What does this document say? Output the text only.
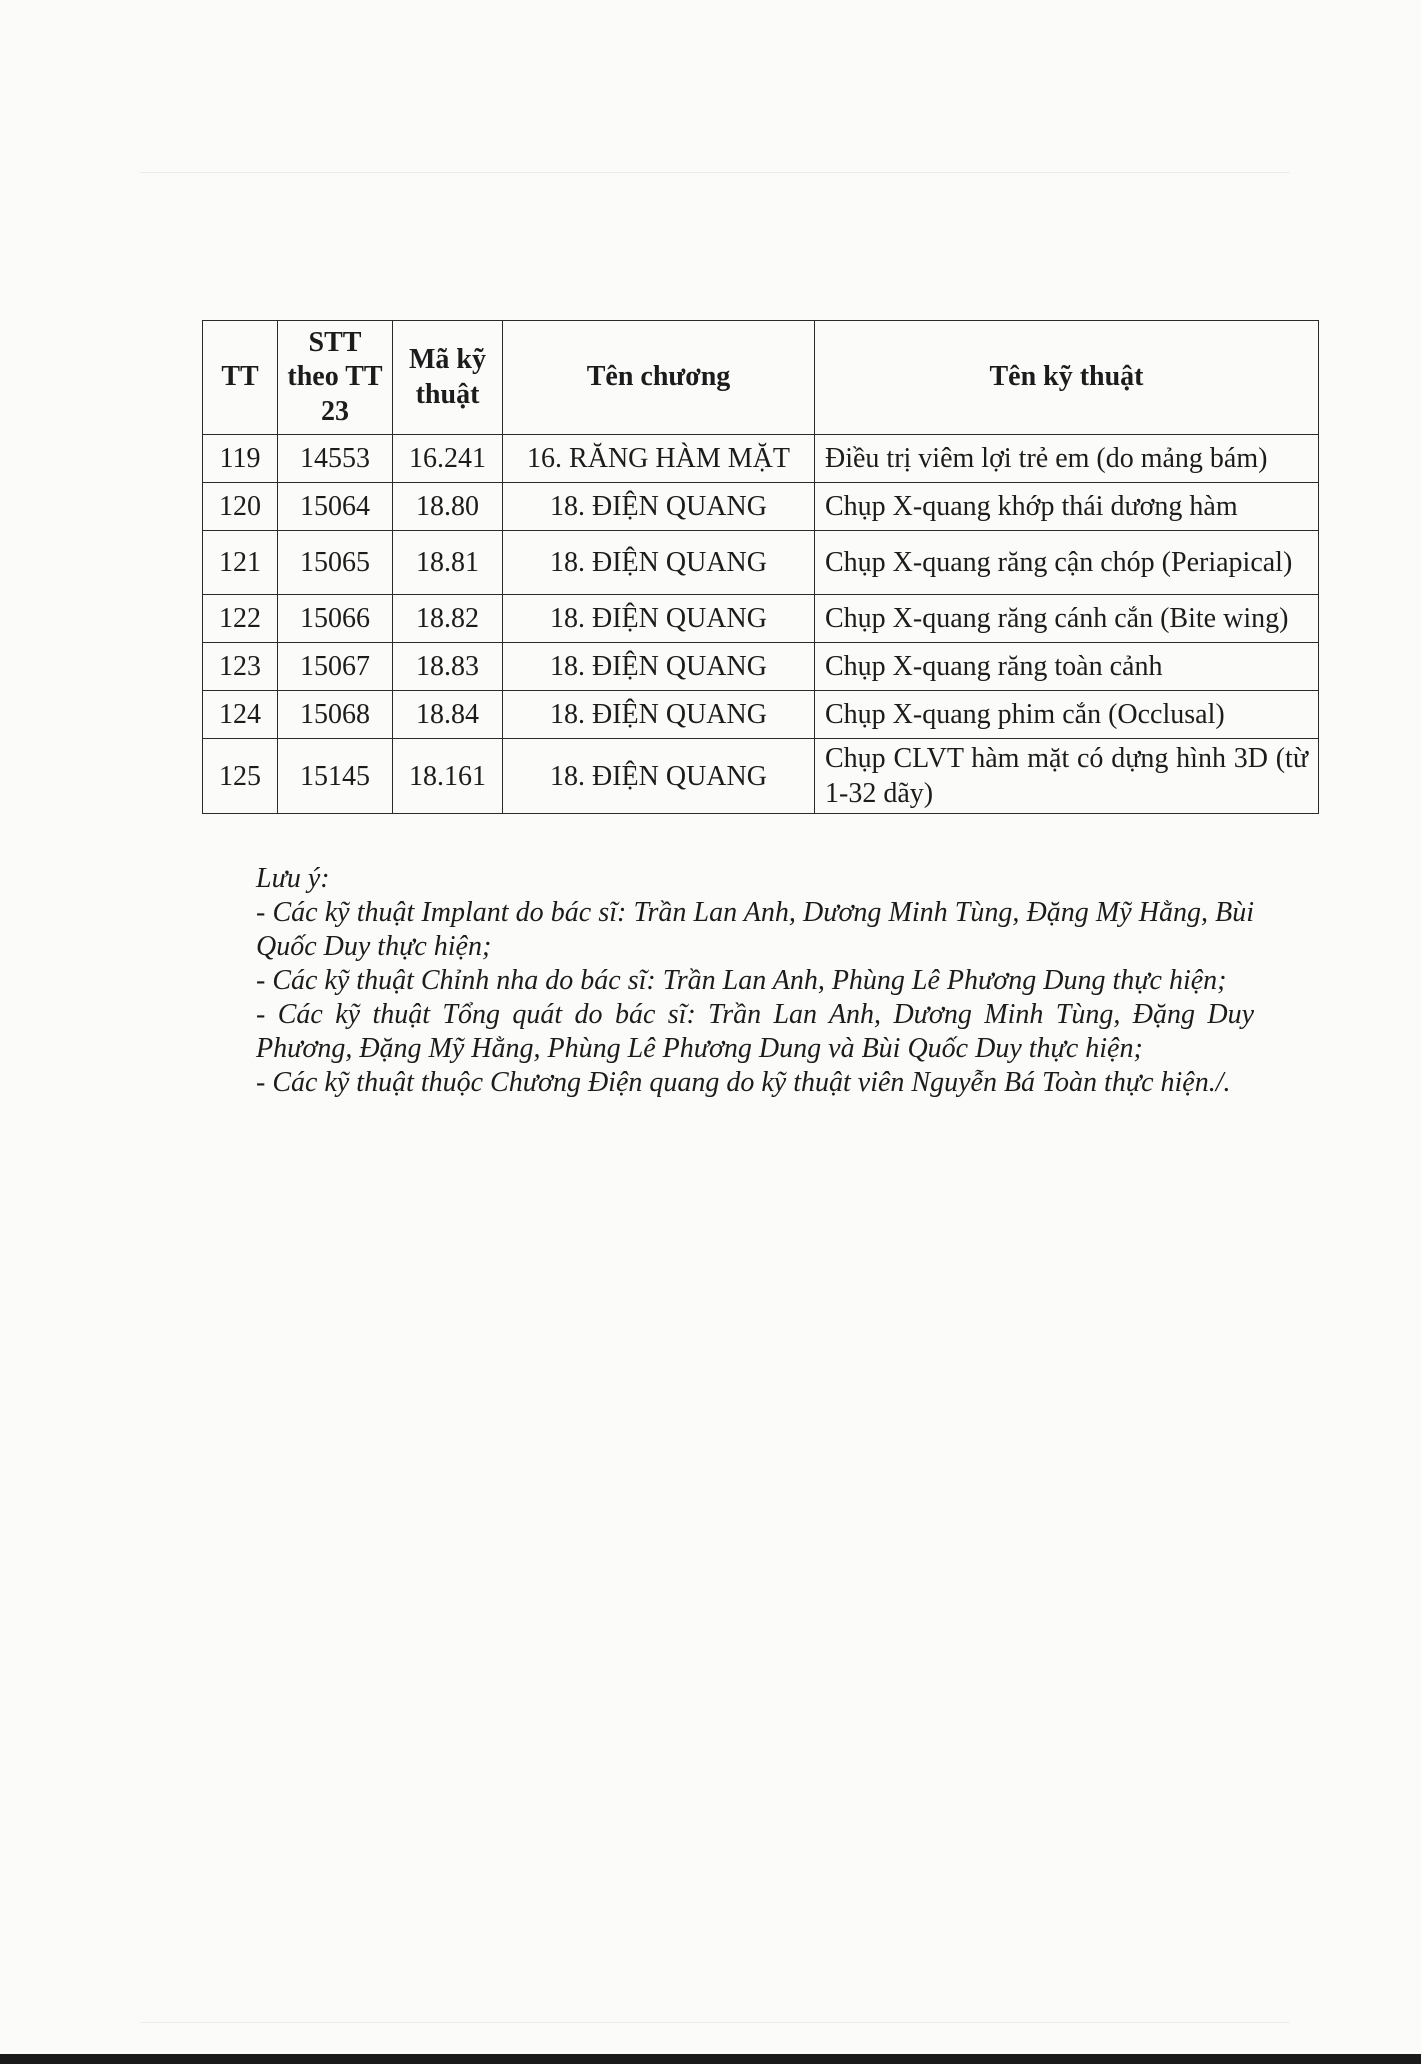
TT	STT theo TT 23	Mã kỹ thuật	Tên chương	Tên kỹ thuật
119	14553	16.241	16. RĂNG HÀM MẶT	Điều trị viêm lợi trẻ em (do mảng bám)
120	15064	18.80	18. ĐIỆN QUANG	Chụp X-quang khớp thái dương hàm
121	15065	18.81	18. ĐIỆN QUANG	Chụp X-quang răng cận chóp (Periapical)
122	15066	18.82	18. ĐIỆN QUANG	Chụp X-quang răng cánh cắn (Bite wing)
123	15067	18.83	18. ĐIỆN QUANG	Chụp X-quang răng toàn cảnh
124	15068	18.84	18. ĐIỆN QUANG	Chụp X-quang phim cắn (Occlusal)
125	15145	18.161	18. ĐIỆN QUANG	Chụp CLVT hàm mặt có dựng hình 3D (từ 1-32 dãy)

Lưu ý:

- Các kỹ thuật Implant do bác sĩ: Trần Lan Anh, Dương Minh Tùng, Đặng Mỹ Hằng, Bùi Quốc Duy thực hiện;

- Các kỹ thuật Chỉnh nha do bác sĩ: Trần Lan Anh, Phùng Lê Phương Dung thực hiện;

- Các kỹ thuật Tổng quát do bác sĩ: Trần Lan Anh, Dương Minh Tùng, Đặng Duy Phương, Đặng Mỹ Hằng, Phùng Lê Phương Dung và Bùi Quốc Duy thực hiện;

- Các kỹ thuật thuộc Chương Điện quang do kỹ thuật viên Nguyễn Bá Toàn thực hiện./.
